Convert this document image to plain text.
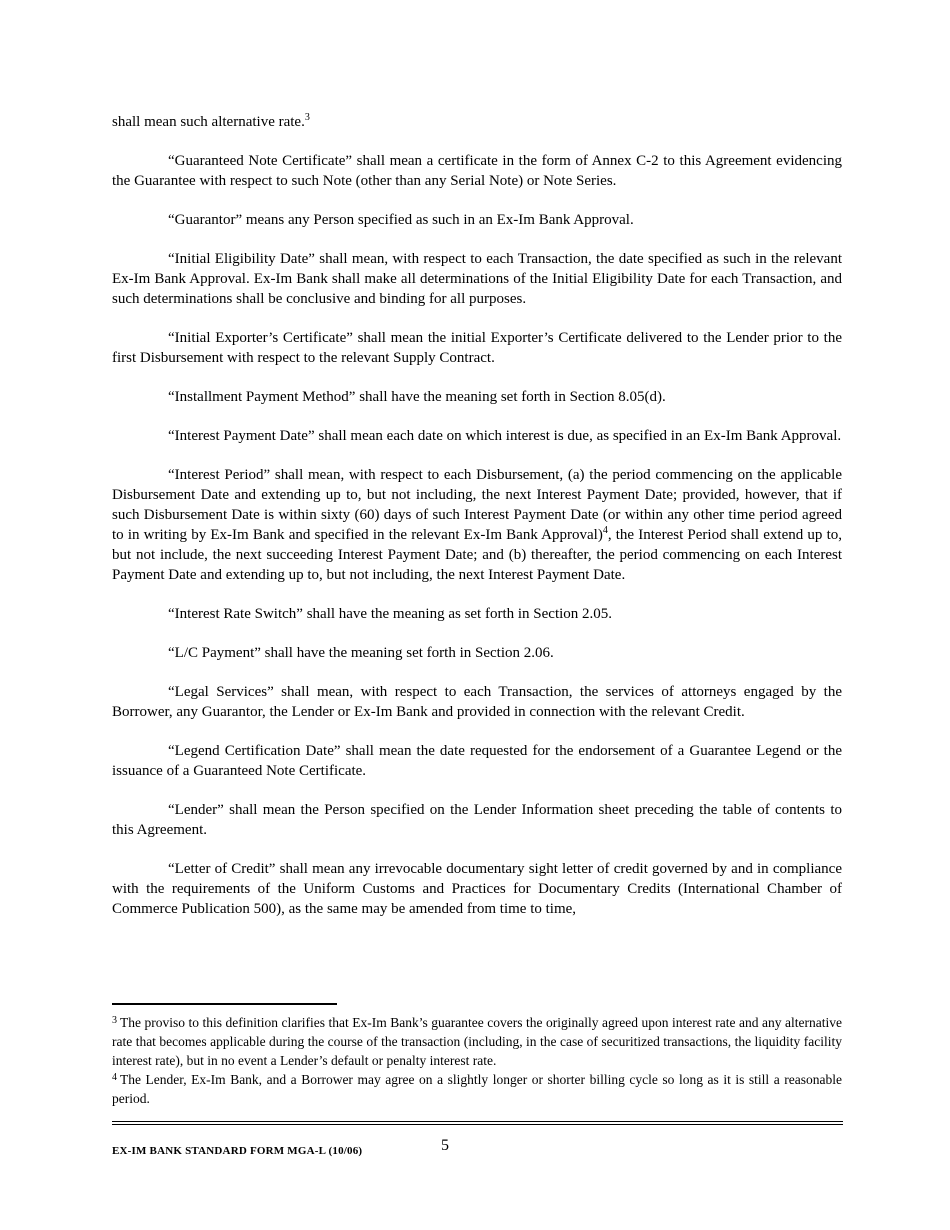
shall mean such alternative rate.$^3$

“Guaranteed Note Certificate” shall mean a certificate in the form of Annex C-2 to this Agreement evidencing the Guarantee with respect to such Note (other than any Serial Note) or Note Series.

“Guarantor” means any Person specified as such in an Ex-Im Bank Approval.

“Initial Eligibility Date” shall mean, with respect to each Transaction, the date specified as such in the relevant Ex-Im Bank Approval. Ex-Im Bank shall make all determinations of the Initial Eligibility Date for each Transaction, and such determinations shall be conclusive and binding for all purposes.

“Initial Exporter’s Certificate” shall mean the initial Exporter’s Certificate delivered to the Lender prior to the first Disbursement with respect to the relevant Supply Contract.

“Installment Payment Method” shall have the meaning set forth in Section 8.05(d).

“Interest Payment Date” shall mean each date on which interest is due, as specified in an Ex-Im Bank Approval.

“Interest Period” shall mean, with respect to each Disbursement, (a) the period commencing on the applicable Disbursement Date and extending up to, but not including, the next Interest Payment Date; provided, however, that if such Disbursement Date is within sixty (60) days of such Interest Payment Date (or within any other time period agreed to in writing by Ex-Im Bank and specified in the relevant Ex-Im Bank Approval)$^4$, the Interest Period shall extend up to, but not include, the next succeeding Interest Payment Date; and (b) thereafter, the period commencing on each Interest Payment Date and extending up to, but not including, the next Interest Payment Date.

“Interest Rate Switch” shall have the meaning as set forth in Section 2.05.

“L/C Payment” shall have the meaning set forth in Section 2.06.

“Legal Services” shall mean, with respect to each Transaction, the services of attorneys engaged by the Borrower, any Guarantor, the Lender or Ex-Im Bank and provided in connection with the relevant Credit.

“Legend Certification Date” shall mean the date requested for the endorsement of a Guarantee Legend or the issuance of a Guaranteed Note Certificate.

“Lender” shall mean the Person specified on the Lender Information sheet preceding the table of contents to this Agreement.

“Letter of Credit” shall mean any irrevocable documentary sight letter of credit governed by and in compliance with the requirements of the Uniform Customs and Practices for Documentary Credits (International Chamber of Commerce Publication 500), as the same may be amended from time to time,

$^3$ The proviso to this definition clarifies that Ex-Im Bank’s guarantee covers the originally agreed upon interest rate and any alternative rate that becomes applicable during the course of the transaction (including, in the case of securitized transactions, the liquidity facility interest rate), but in no event a Lender’s default or penalty interest rate.

$^4$ The Lender, Ex-Im Bank, and a Borrower may agree on a slightly longer or shorter billing cycle so long as it is still a reasonable period.

EX-IM BANK STANDARD FORM MGA-L (10/06)	5
